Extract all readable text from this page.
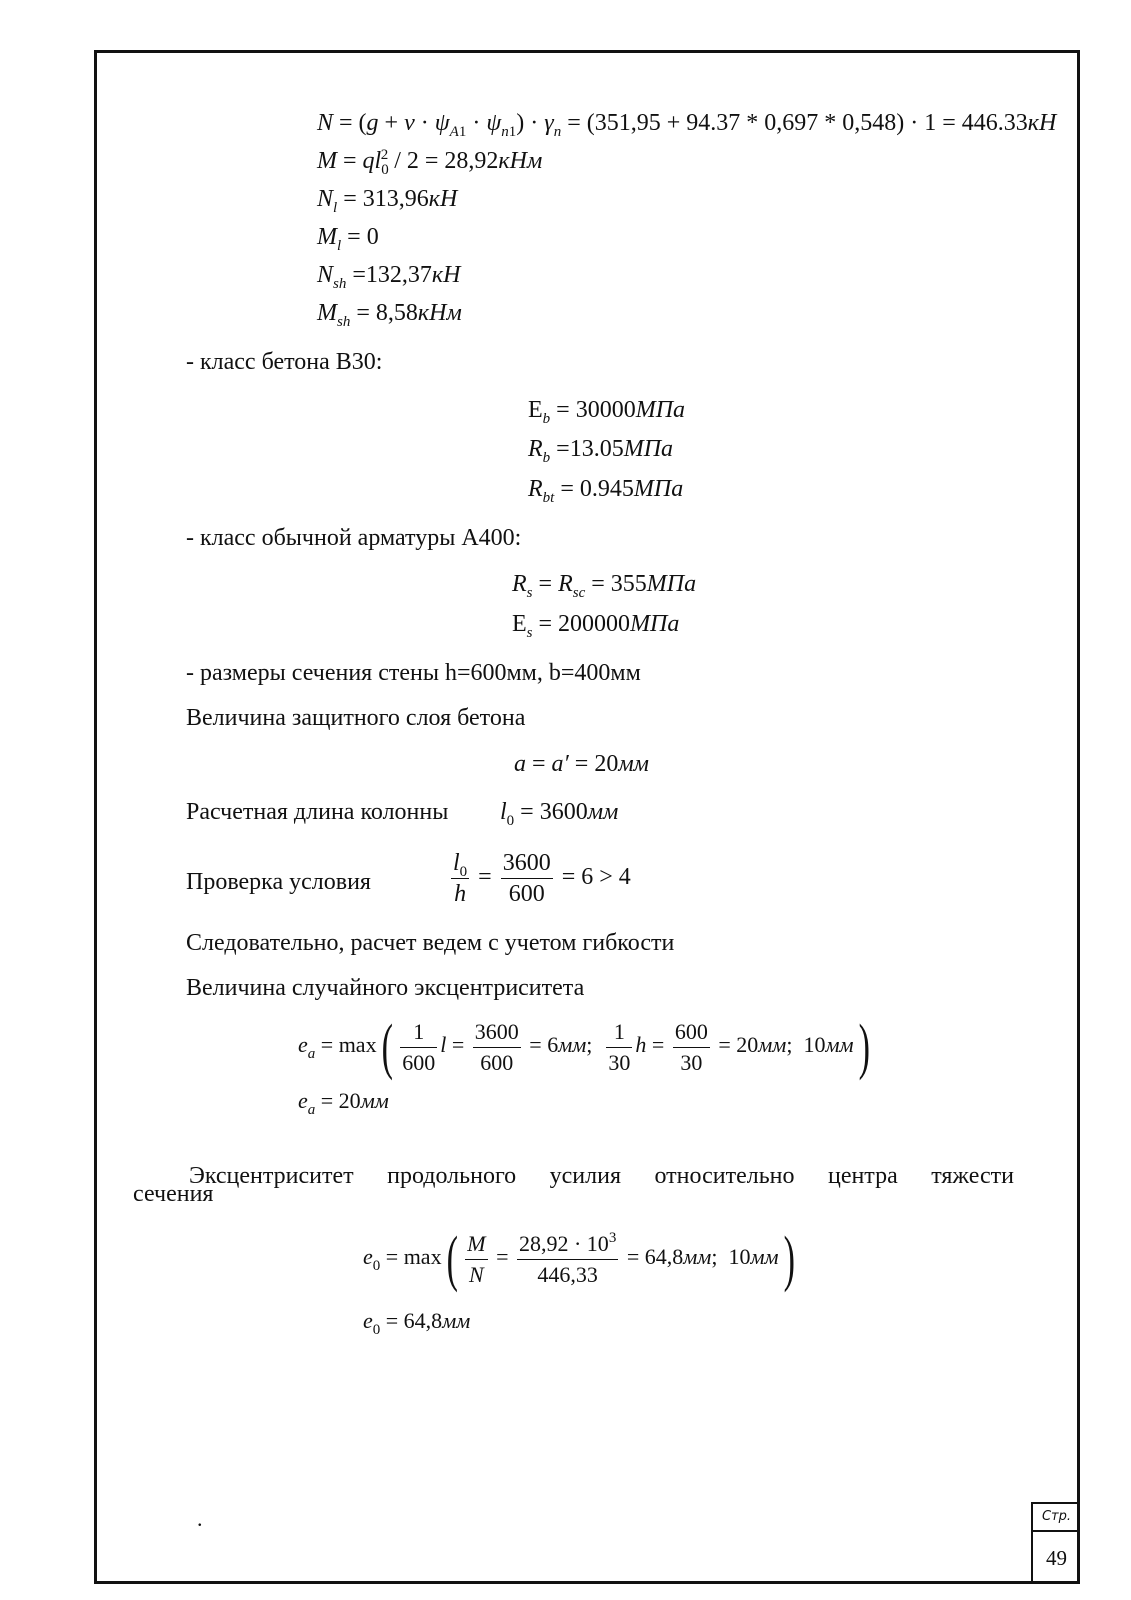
$N = (g + v \cdot \psi_{A1} \cdot \psi_{n1}) \cdot \gamma_n = (351,95 + 94.37 * 0,697 * 0,548) \cdot 1 = 446.33кН$
$M = ql_0^2 / 2 = 28,92кНм$
$N_l = 313,96кН$
$M_l = 0$
$N_{sh} =132,37кН$
$M_{sh} = 8,58кНм$
- класс бетона В30:
$E_b = 30000МПа$
$R_b =13.05МПа$
$R_{bt} = 0.945МПа$
- класс обычной арматуры А400:
$R_s = R_{sc} = 355МПа$
$E_s = 200000МПа$
- размеры сечения стены h=600мм, b=400мм
Величина защитного слоя бетона
a = a′ = 20мм
Расчетная длина колонны $l_0 = 3600мм$
Проверка условия	$\frac{l_0}{h} = \frac{3600}{600} = 6 > 4$
Следовательно, расчет ведем с учетом гибкости
Величина случайного эксцентриситета
$e_a = \max( \frac{1}{600}$ $l = \frac{3600}{600} = 6мм$; $\frac{1}{30}$ $h = \frac{600}{30} = 20мм$;  10мм)
$e_a = 20мм$
Эксцентриситет продольного усилия относительно центра тяжести
сечения
$e_0 = \max( \frac{M}{N} = \frac{28,92 \cdot 10^3}{446,33} = 64,8мм$;  10мм)
$e_0 = 64,8мм$
.	Стр.
49
